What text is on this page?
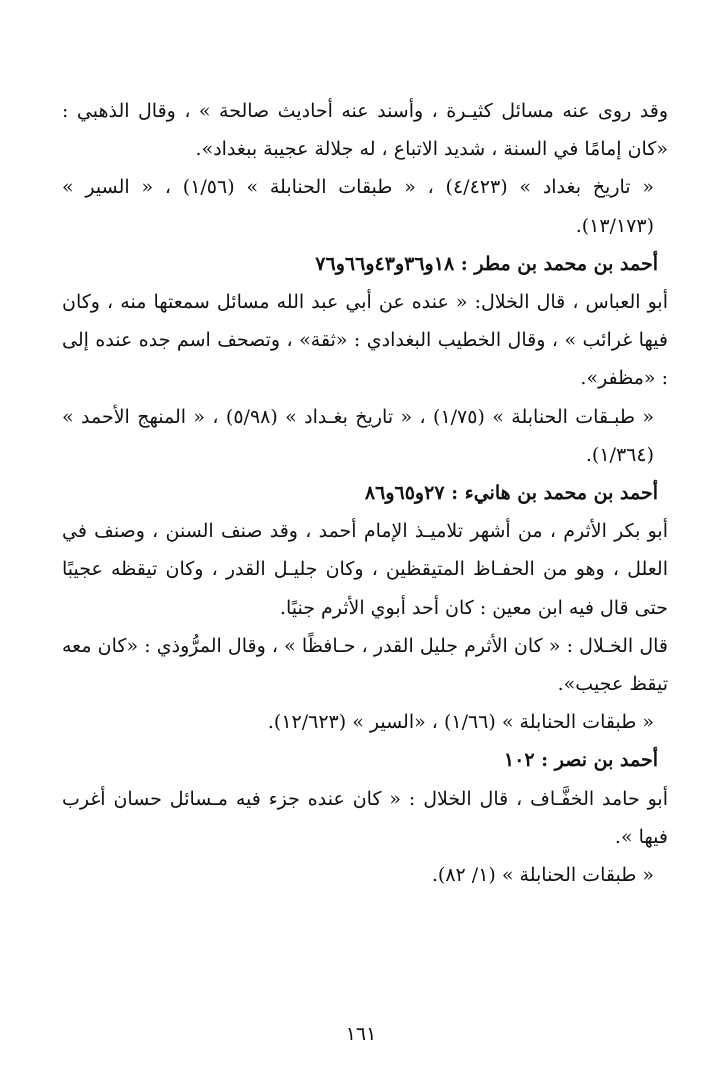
وقد روى عنه مسائل كثيـرة ، وأسند عنه أحاديث صالحة » ، وقال الذهبي : «كان إمامًا في السنة ، شديد الاتباع ، له جلالة عجيبة ببغداد».

« تاريخ بغداد » (٤/٤٢٣) ، « طبقات الحنابلة » (١/٥٦) ، « السير » (١٣/١٧٣).

أحمد بن محمد بن مطر : ١٨و٣٦و٤٣و٦٦و٧٦

أبو العباس ، قال الخلال: « عنده عن أبي عبد الله مسائل سمعتها منه ، وكان فيها غرائب » ، وقال الخطيب البغدادي : «ثقة» ، وتصحف اسم جده عنده إلى : «مظفر».

« طبـقات الحنابلة » (١/٧٥) ، « تاريخ بغـداد » (٥/٩٨) ، « المنهج الأحمد » (١/٣٦٤).

أحمد بن محمد بن هانيء : ٢٧و٦٥و٨٦

أبو بكر الأثرم ، من أشهر تلاميـذ الإمام أحمد ، وقد صنف السنن ، وصنف في العلل ، وهو من الحفـاظ المتيقظين ، وكان جليـل القدر ، وكان تيقظه عجيبًا حتى قال فيه ابن معين : كان أحد أبوي الأثرم جنيًا.

قال الخـلال : « كان الأثرم جليل القدر ، حـافظًا » ، وقال المرُّوذي : «كان معه تيقظ عجيب».

« طبقات الحنابلة » (١/٦٦) ، «السير » (١٢/٦٢٣).

أحمد بن نصر : ١٠٢

أبو حامد الخفَّـاف ، قال الخلال : « كان عنده جزء فيه مـسائل حسان أغرب فيها ».

« طبقات الحنابلة » (١/ ٨٢).

١٦١
